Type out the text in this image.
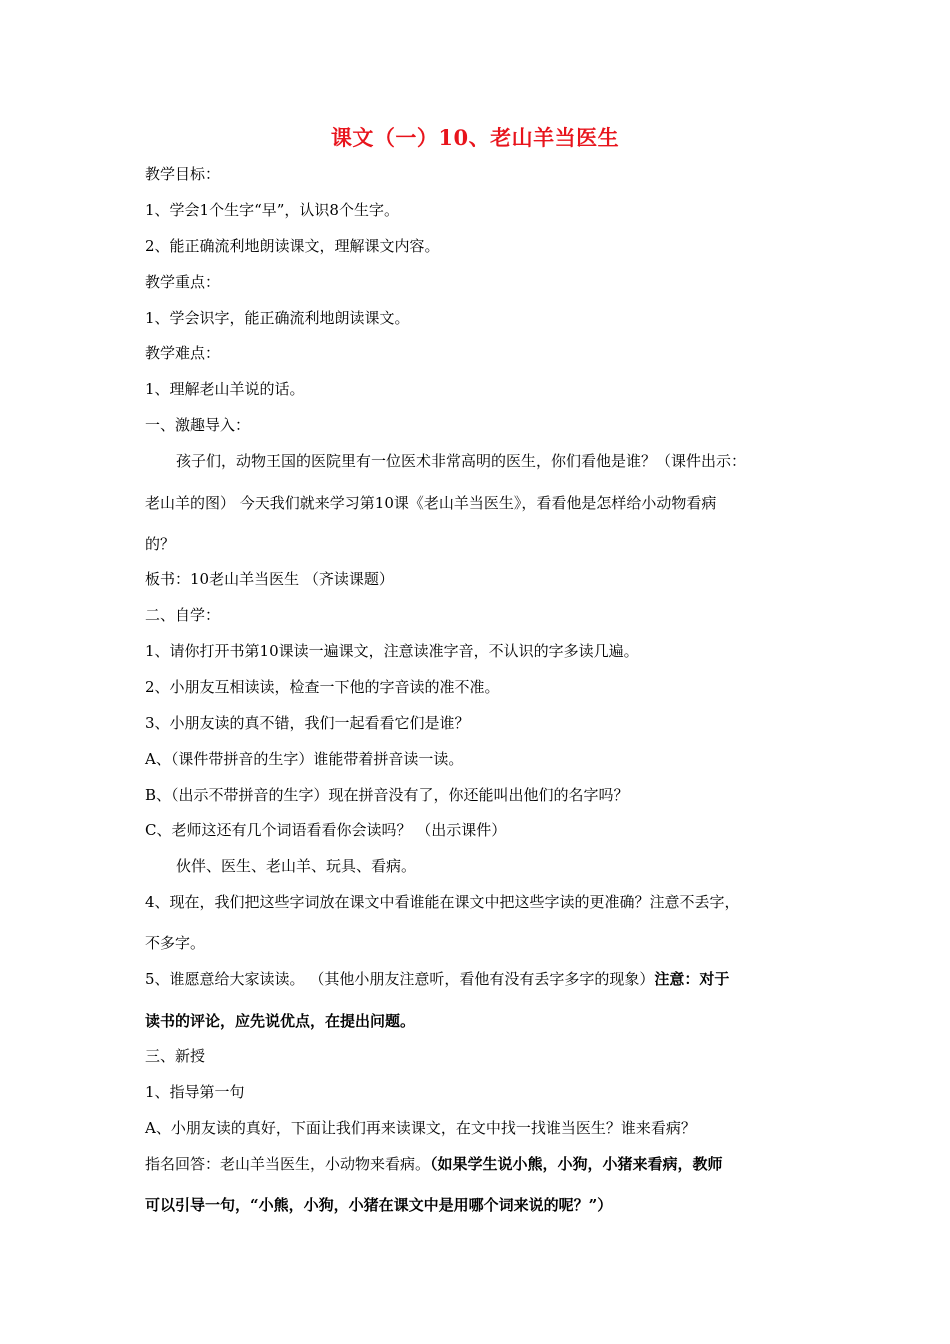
课文（一）10、老山羊当医生
教学目标：
1、学会1个生字“早”，认识8个生字。
2、能正确流利地朗读课文，理解课文内容。
教学重点：
1、学会识字，能正确流利地朗读课文。
教学难点：
1、理解老山羊说的话。
一、激趣导入：
孩子们，动物王国的医院里有一位医术非常高明的医生，你们看他是谁？（课件出示：
老山羊的图） 今天我们就来学习第10课《老山羊当医生》，看看他是怎样给小动物看病
的？
板书：10老山羊当医生 （齐读课题）
二、自学：
1、请你打开书第10课读一遍课文，注意读准字音，不认识的字多读几遍。
2、小朋友互相读读，检查一下他的字音读的准不准。
3、小朋友读的真不错，我们一起看看它们是谁？
A、（课件带拼音的生字）谁能带着拼音读一读。
B、（出示不带拼音的生字）现在拼音没有了，你还能叫出他们的名字吗？
C、老师这还有几个词语看看你会读吗？ （出示课件）
伙伴、医生、老山羊、玩具、看病。
4、现在，我们把这些字词放在课文中看谁能在课文中把这些字读的更准确？注意不丢字，
不多字。
5、谁愿意给大家读读。 （其他小朋友注意听，看他有没有丢字多字的现象）注意：对于
读书的评论，应先说优点，在提出问题。
三、新授
1、指导第一句
A、小朋友读的真好，下面让我们再来读课文，在文中找一找谁当医生？谁来看病？
指名回答：老山羊当医生，小动物来看病。（如果学生说小熊，小狗，小猪来看病，教师
可以引导一句，“小熊，小狗，小猪在课文中是用哪个词来说的呢？”）
